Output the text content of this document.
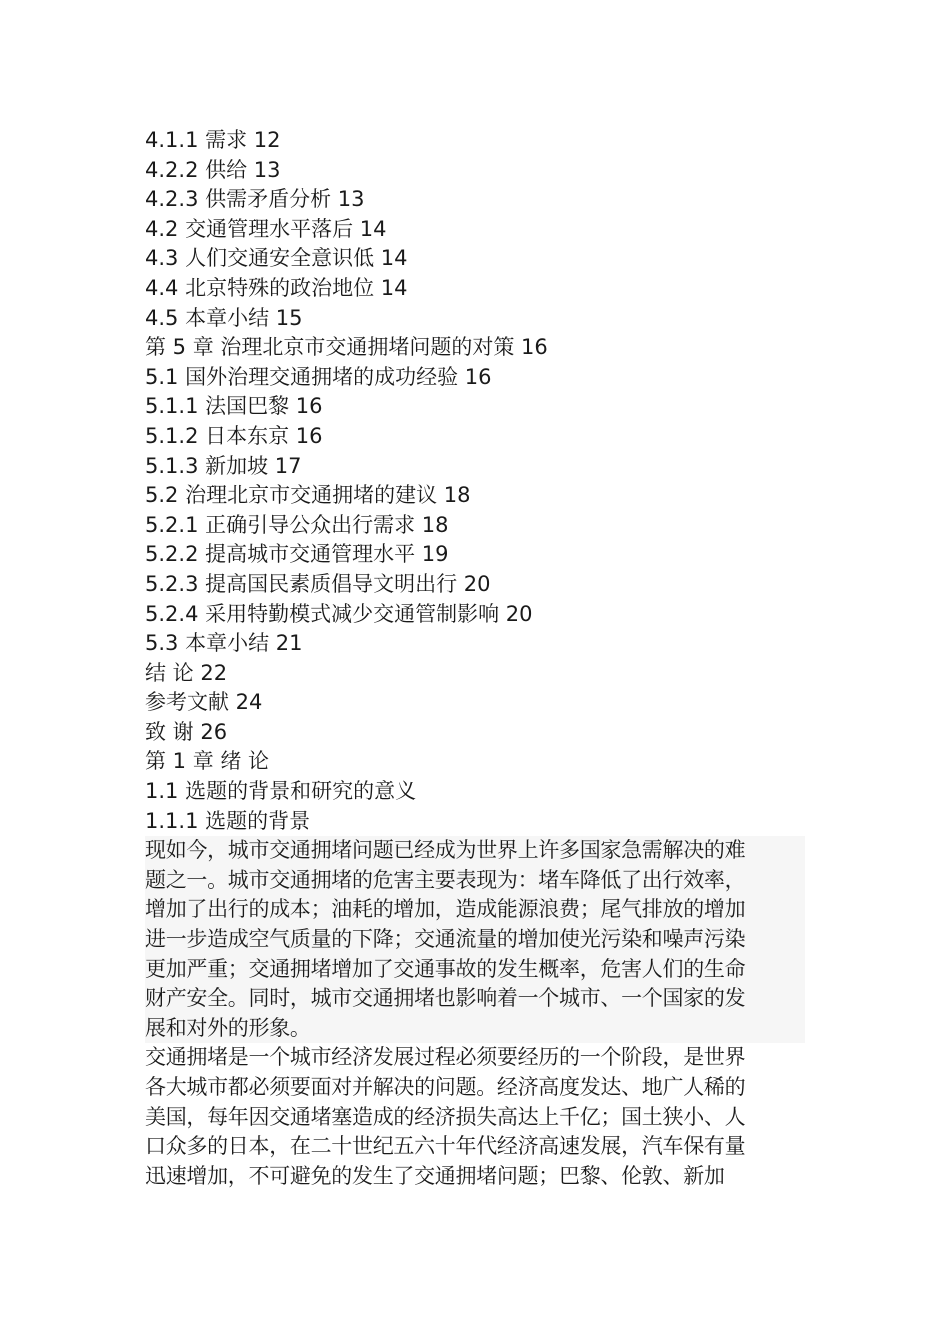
4.1.1 需求 12
4.2.2 供给 13
4.2.3 供需矛盾分析 13
4.2 交通管理水平落后 14
4.3 人们交通安全意识低 14
4.4 北京特殊的政治地位 14
4.5 本章小结 15
第 5 章 治理北京市交通拥堵问题的对策 16
5.1 国外治理交通拥堵的成功经验 16
5.1.1 法国巴黎 16
5.1.2 日本东京 16
5.1.3 新加坡 17
5.2 治理北京市交通拥堵的建议 18
5.2.1 正确引导公众出行需求 18
5.2.2 提高城市交通管理水平 19
5.2.3 提高国民素质倡导文明出行 20
5.2.4 采用特勤模式减少交通管制影响 20
5.3 本章小结 21
结 论 22
参考文献 24
致 谢 26
第 1 章 绪 论
1.1 选题的背景和研究的意义
1.1.1 选题的背景
现如今，城市交通拥堵问题已经成为世界上许多国家急需解决的难
题之一。城市交通拥堵的危害主要表现为：堵车降低了出行效率，
增加了出行的成本；油耗的增加，造成能源浪费；尾气排放的增加
进一步造成空气质量的下降；交通流量的增加使光污染和噪声污染
更加严重；交通拥堵增加了交通事故的发生概率，危害人们的生命
财产安全。同时，城市交通拥堵也影响着一个城市、一个国家的发
展和对外的形象。
交通拥堵是一个城市经济发展过程必须要经历的一个阶段，是世界
各大城市都必须要面对并解决的问题。经济高度发达、地广人稀的
美国，每年因交通堵塞造成的经济损失高达上千亿；国土狭小、人
口众多的日本，在二十世纪五六十年代经济高速发展，汽车保有量
迅速增加，不可避免的发生了交通拥堵问题；巴黎、伦敦、新加
